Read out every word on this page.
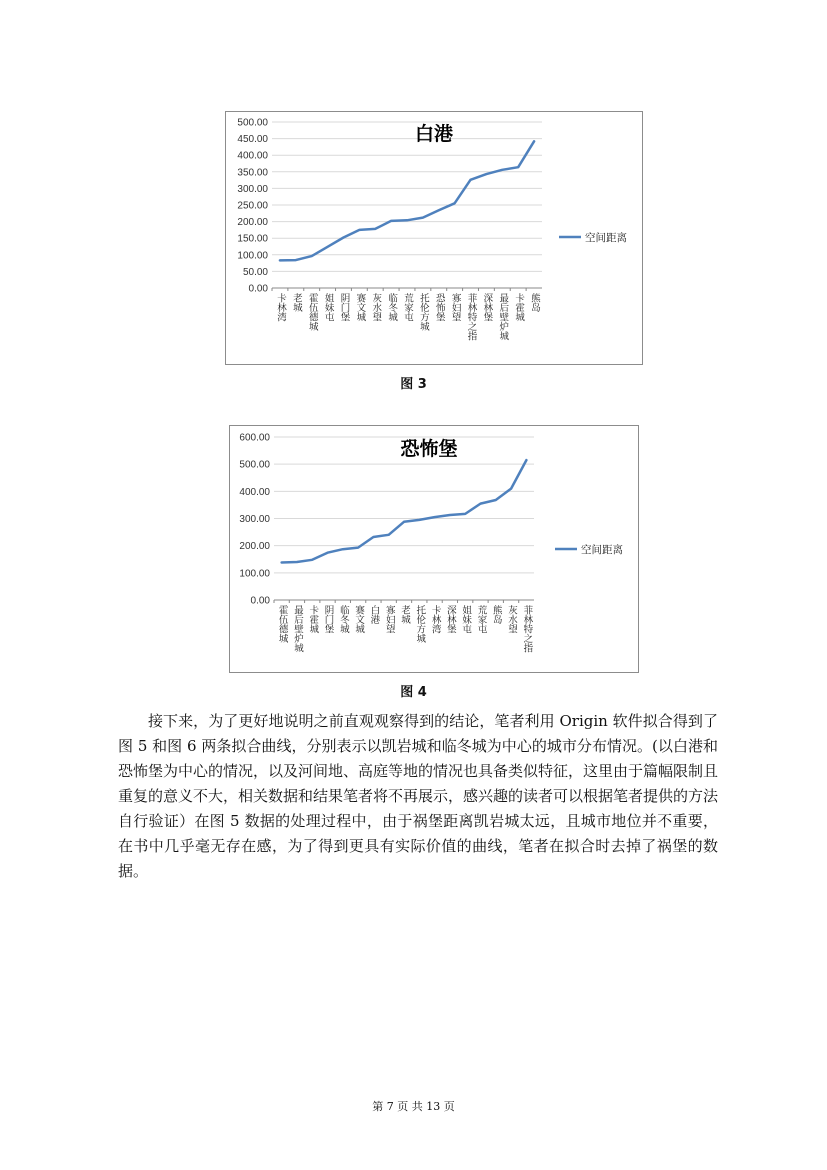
0.00
50.00
100.00
150.00
200.00
250.00
300.00
350.00
400.00
450.00
500.00
卡林湾 老城 霍伍德城 姐妹屯 阴门堡 赛文城 灰水望 临冬城 荒家屯 托伦方城 恐怖堡 寡妇望 菲林特之指 深林堡 最后壁炉城 卡霍城 熊岛
白港
空间距离
图 3
0.00
100.00
200.00
300.00
400.00
500.00
600.00
霍伍德城 最后壁炉城 卡霍城 阴门堡 临冬城 赛文城 白港 寡妇望 老城 托伦方城 卡林湾 深林堡 姐妹屯 荒家屯 熊岛 灰水望 菲林特之指
恐怖堡
空间距离
图 4

接下来，为了更好地说明之前直观观察得到的结论，笔者利用 Origin 软件拟合得到了图 5 和图 6 两条拟合曲线，分别表示以凯岩城和临冬城为中心的城市分布情况。(以白港和恐怖堡为中心的情况，以及河间地、高庭等地的情况也具备类似特征，这里由于篇幅限制且重复的意义不大，相关数据和结果笔者将不再展示，感兴趣的读者可以根据笔者提供的方法自行验证）在图 5 数据的处理过程中，由于祸堡距离凯岩城太远，且城市地位并不重要，在书中几乎毫无存在感，为了得到更具有实际价值的曲线，笔者在拟合时去掉了祸堡的数据。

第 7 页 共 13 页
